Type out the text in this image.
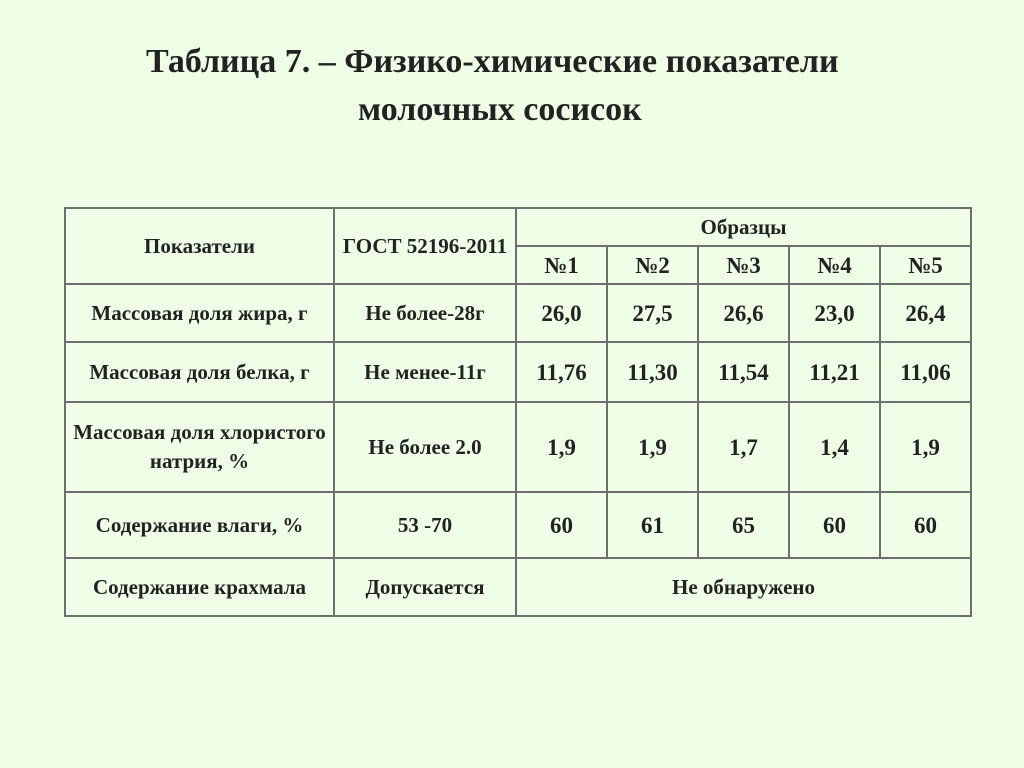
Таблица 7. – Физико-химические показатели
молочных сосисок
Показатели	ГОСТ 52196-2011	Образцы				
		№1	№2	№3	№4	№5
Массовая доля жира, г	Не более-28г	26,0	27,5	26,6	23,0	26,4
Массовая доля белка, г	Не менее-11г	11,76	11,30	11,54	11,21	11,06
Массовая доля хлористого натрия, %	Не более 2.0	1,9	1,9	1,7	1,4	1,9
Содержание влаги, %	53 -70	60	61	65	60	60
Содержание крахмала	Допускается	Не обнаружено				
